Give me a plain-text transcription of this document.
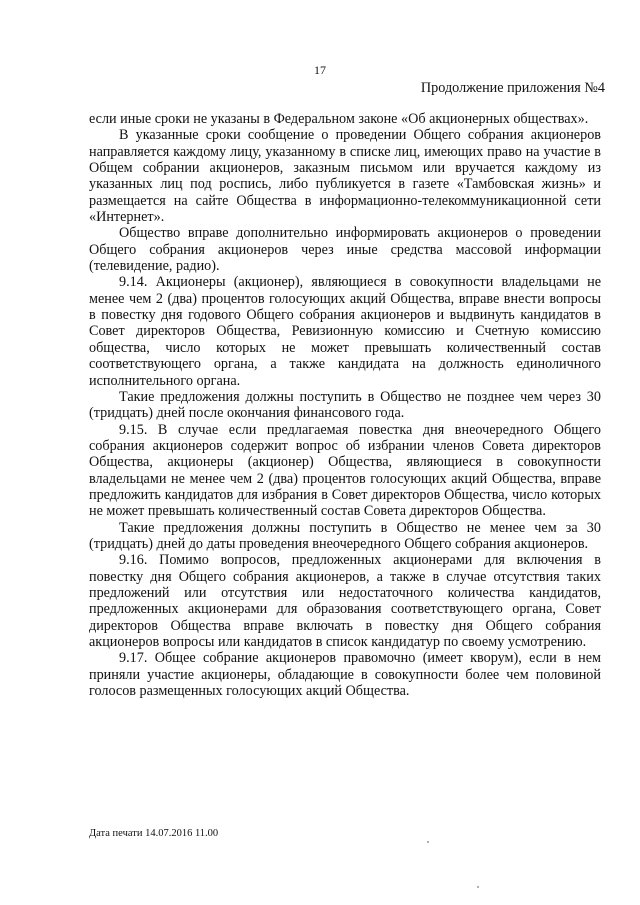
17
Продолжение приложения №4

если иные сроки не указаны в Федеральном законе «Об акционерных обществах».

В указанные сроки сообщение о проведении Общего собрания акционеров направляется каждому лицу, указанному в списке лиц, имеющих право на участие в Общем собрании акционеров, заказным письмом или вручается каждому из указанных лиц под роспись, либо публикуется в газете «Тамбовская жизнь» и размещается на сайте Общества в информационно-телекоммуникационной сети «Интернет».

Общество вправе дополнительно информировать акционеров о проведении Общего собрания акционеров через иные средства массовой информации (телевидение, радио).

9.14. Акционеры (акционер), являющиеся в совокупности владельцами не менее чем 2 (два) процентов голосующих акций Общества, вправе внести вопросы в повестку дня годового Общего собрания акционеров и выдвинуть кандидатов в Совет директоров Общества, Ревизионную комиссию и Счетную комиссию общества, число которых не может превышать количественный состав соответствующего органа, а также кандидата на должность единоличного исполнительного органа.

Такие предложения должны поступить в Общество не позднее чем через 30 (тридцать) дней после окончания финансового года.

9.15. В случае если предлагаемая повестка дня внеочередного Общего собрания акционеров содержит вопрос об избрании членов Совета директоров Общества, акционеры (акционер) Общества, являющиеся в совокупности владельцами не менее чем 2 (два) процентов голосующих акций Общества, вправе предложить кандидатов для избрания в Совет директоров Общества, число которых не может превышать количественный состав Совета директоров Общества.

Такие предложения должны поступить в Общество не менее чем за 30 (тридцать) дней до даты проведения внеочередного Общего собрания акционеров.

9.16. Помимо вопросов, предложенных акционерами для включения в повестку дня Общего собрания акционеров, а также в случае отсутствия таких предложений или отсутствия или недостаточного количества кандидатов, предложенных акционерами для образования соответствующего органа, Совет директоров Общества вправе включать в повестку дня Общего собрания акционеров вопросы или кандидатов в список кандидатур по своему усмотрению.

9.17. Общее собрание акционеров правомочно (имеет кворум), если в нем приняли участие акционеры, обладающие в совокупности более чем половиной голосов размещенных голосующих акций Общества.

Дата печати 14.07.2016 11.00
